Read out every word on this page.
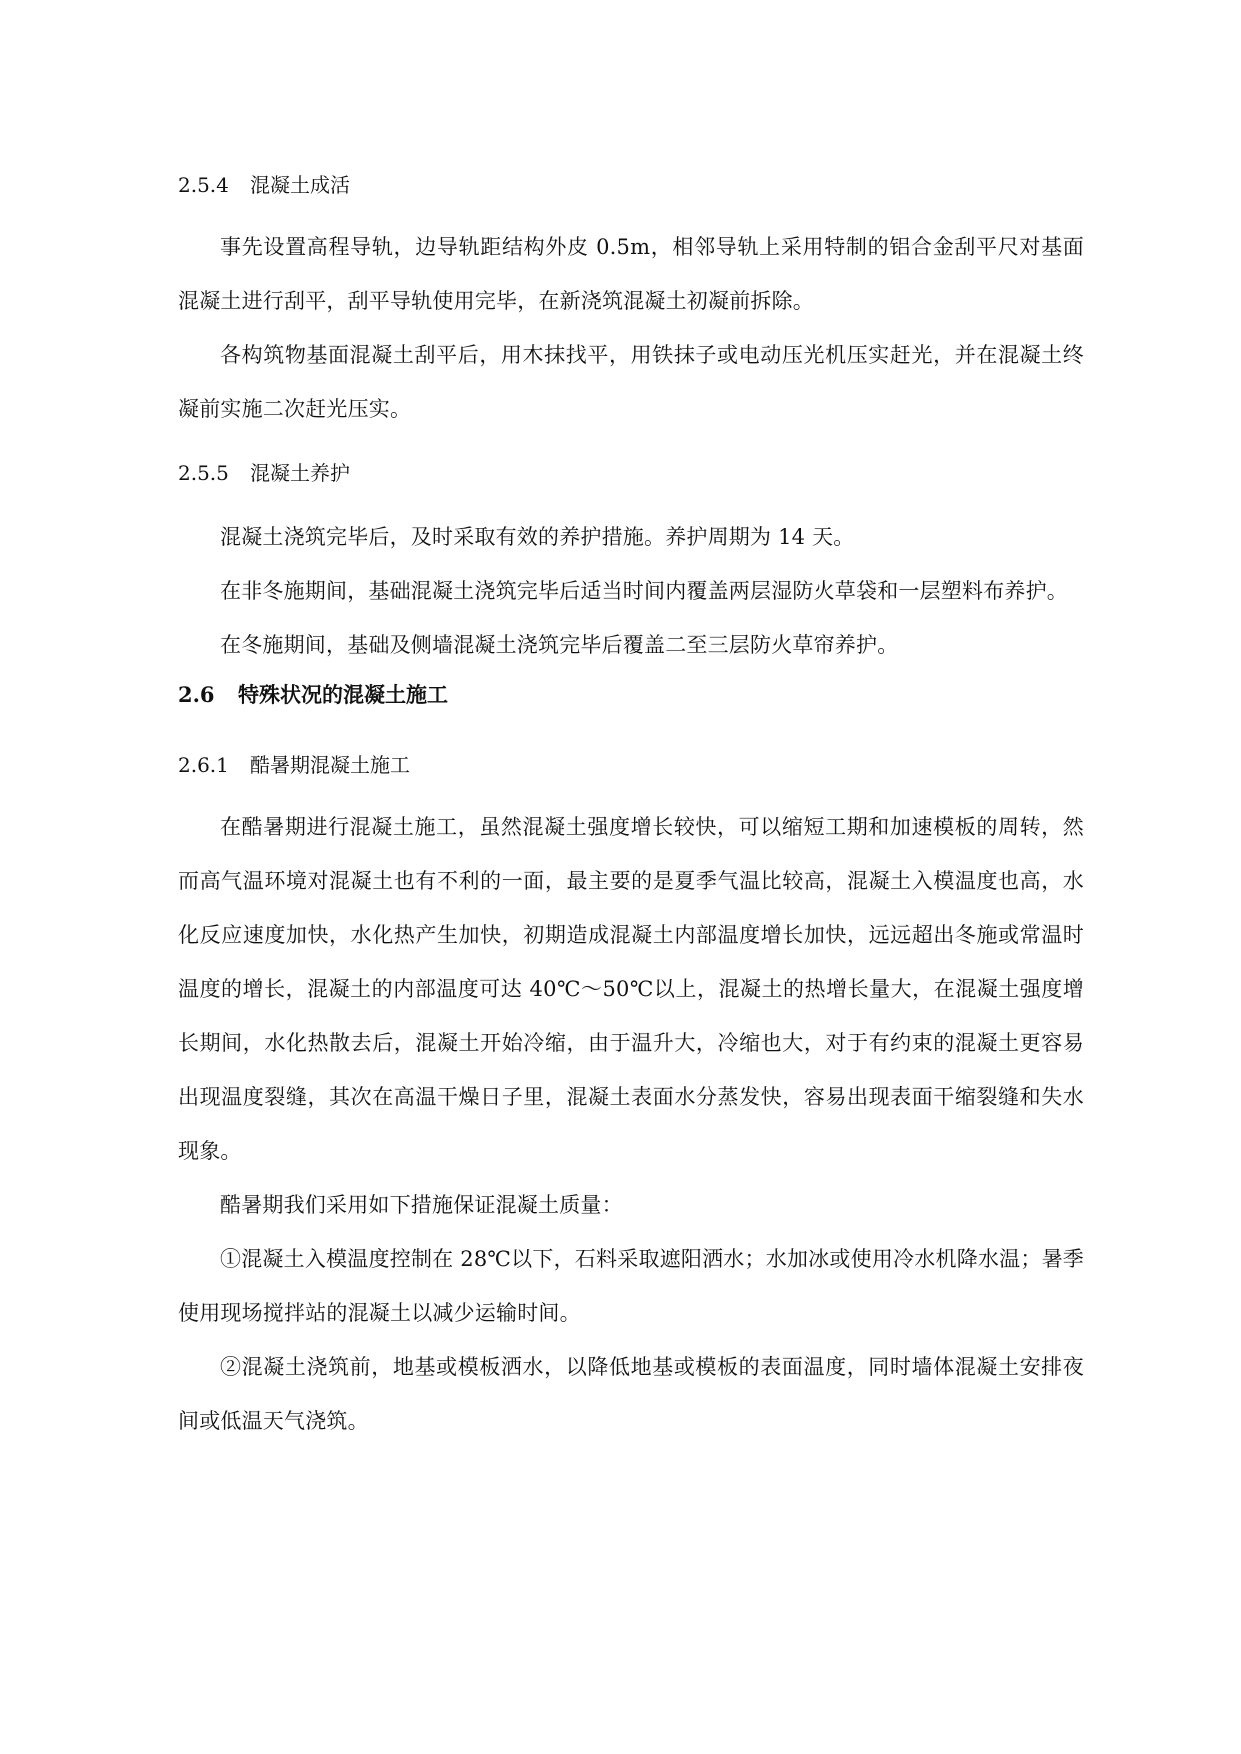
2.5.4	混凝土成活

事先设置高程导轨，边导轨距结构外皮 0.5m，相邻导轨上采用特制的铝合金刮平尺对基面混凝土进行刮平，刮平导轨使用完毕，在新浇筑混凝土初凝前拆除。

各构筑物基面混凝土刮平后，用木抹找平，用铁抹子或电动压光机压实赶光，并在混凝土终凝前实施二次赶光压实。

2.5.5	混凝土养护

混凝土浇筑完毕后，及时采取有效的养护措施。养护周期为 14 天。

在非冬施期间，基础混凝土浇筑完毕后适当时间内覆盖两层湿防火草袋和一层塑料布养护。

在冬施期间，基础及侧墙混凝土浇筑完毕后覆盖二至三层防火草帘养护。

2.6	特殊状况的混凝土施工
2.6.1	酷暑期混凝土施工

在酷暑期进行混凝土施工，虽然混凝土强度增长较快，可以缩短工期和加速模板的周转，然而高气温环境对混凝土也有不利的一面，最主要的是夏季气温比较高，混凝土入模温度也高，水化反应速度加快，水化热产生加快，初期造成混凝土内部温度增长加快，远远超出冬施或常温时温度的增长，混凝土的内部温度可达 40℃～50℃以上，混凝土的热增长量大，在混凝土强度增长期间，水化热散去后，混凝土开始冷缩，由于温升大，冷缩也大，对于有约束的混凝土更容易出现温度裂缝，其次在高温干燥日子里，混凝土表面水分蒸发快，容易出现表面干缩裂缝和失水现象。

酷暑期我们采用如下措施保证混凝土质量：

①混凝土入模温度控制在 28℃以下，石料采取遮阳洒水；水加冰或使用冷水机降水温；暑季使用现场搅拌站的混凝土以减少运输时间。

②混凝土浇筑前，地基或模板洒水，以降低地基或模板的表面温度，同时墙体混凝土安排夜间或低温天气浇筑。
